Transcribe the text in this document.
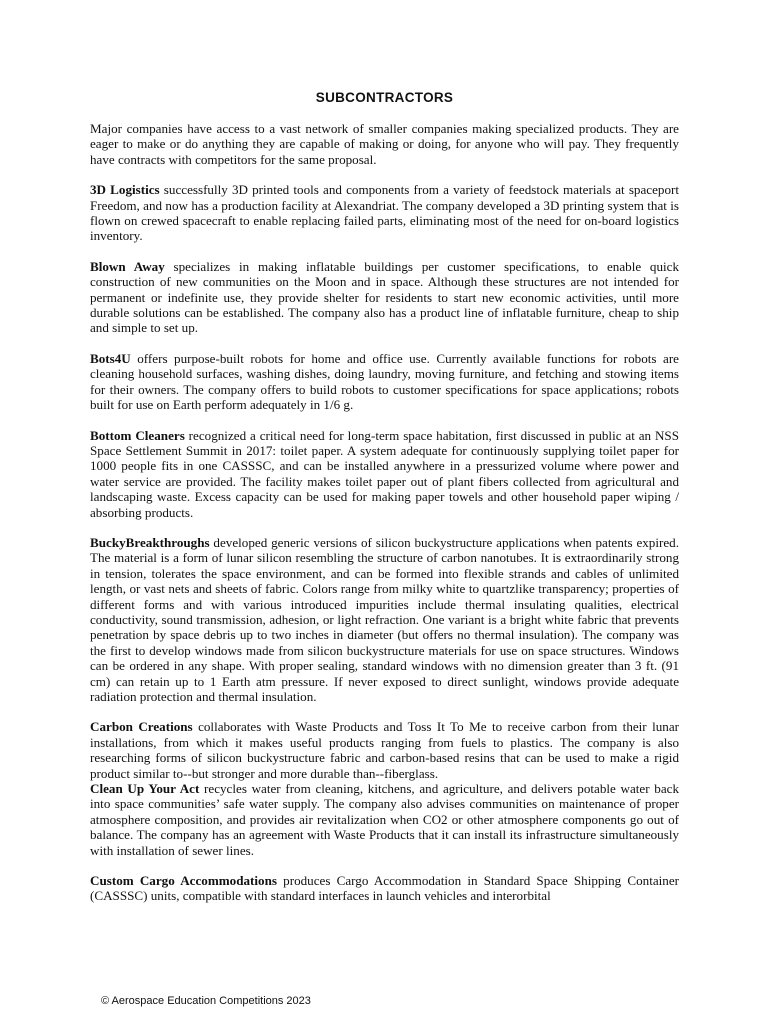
SUBCONTRACTORS

Major companies have access to a vast network of smaller companies making specialized products. They are eager to make or do anything they are capable of making or doing, for anyone who will pay. They frequently have contracts with competitors for the same proposal.

3D Logistics successfully 3D printed tools and components from a variety of feedstock materials at spaceport Freedom, and now has a production facility at Alexandriat. The company developed a 3D printing system that is flown on crewed spacecraft to enable replacing failed parts, eliminating most of the need for on-board logistics inventory.

Blown Away specializes in making inflatable buildings per customer specifications, to enable quick construction of new communities on the Moon and in space. Although these structures are not intended for permanent or indefinite use, they provide shelter for residents to start new economic activities, until more durable solutions can be established. The company also has a product line of inflatable furniture, cheap to ship and simple to set up.

Bots4U offers purpose-built robots for home and office use. Currently available functions for robots are cleaning household surfaces, washing dishes, doing laundry, moving furniture, and fetching and stowing items for their owners. The company offers to build robots to customer specifications for space applications; robots built for use on Earth perform adequately in 1/6 g.

Bottom Cleaners recognized a critical need for long-term space habitation, first discussed in public at an NSS Space Settlement Summit in 2017: toilet paper. A system adequate for continuously supplying toilet paper for 1000 people fits in one CASSSC, and can be installed anywhere in a pressurized volume where power and water service are provided. The facility makes toilet paper out of plant fibers collected from agricultural and landscaping waste. Excess capacity can be used for making paper towels and other household paper wiping / absorbing products.

BuckyBreakthroughs developed generic versions of silicon buckystructure applications when patents expired. The material is a form of lunar silicon resembling the structure of carbon nanotubes. It is extraordinarily strong in tension, tolerates the space environment, and can be formed into flexible strands and cables of unlimited length, or vast nets and sheets of fabric. Colors range from milky white to quartzlike transparency; properties of different forms and with various introduced impurities include thermal insulating qualities, electrical conductivity, sound transmission, adhesion, or light refraction. One variant is a bright white fabric that prevents penetration by space debris up to two inches in diameter (but offers no thermal insulation). The company was the first to develop windows made from silicon buckystructure materials for use on space structures. Windows can be ordered in any shape. With proper sealing, standard windows with no dimension greater than 3 ft. (91 cm) can retain up to 1 Earth atm pressure. If never exposed to direct sunlight, windows provide adequate radiation protection and thermal insulation.

Carbon Creations collaborates with Waste Products and Toss It To Me to receive carbon from their lunar installations, from which it makes useful products ranging from fuels to plastics. The company is also researching forms of silicon buckystructure fabric and carbon-based resins that can be used to make a rigid product similar to--but stronger and more durable than--fiberglass.

Clean Up Your Act recycles water from cleaning, kitchens, and agriculture, and delivers potable water back into space communities’ safe water supply. The company also advises communities on maintenance of proper atmosphere composition, and provides air revitalization when CO2 or other atmosphere components go out of balance. The company has an agreement with Waste Products that it can install its infrastructure simultaneously with installation of sewer lines.

Custom Cargo Accommodations produces Cargo Accommodation in Standard Space Shipping Container (CASSSC) units, compatible with standard interfaces in launch vehicles and interorbital

© Aerospace Education Competitions 2023
